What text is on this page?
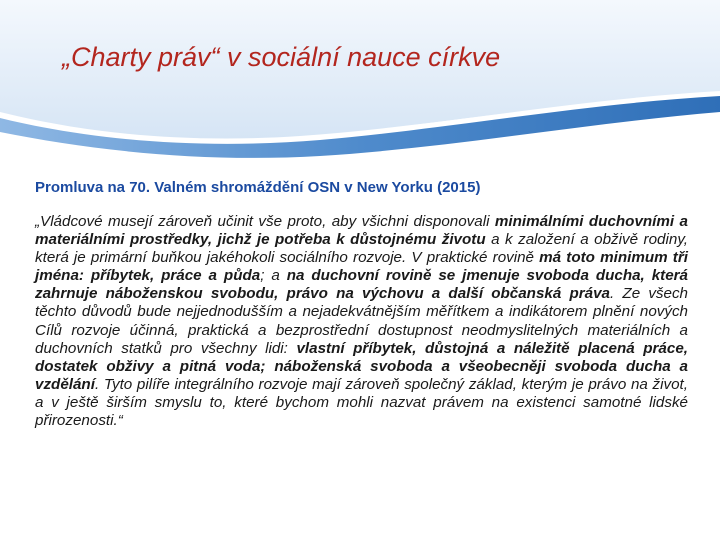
„Charty práv“ v sociální nauce církve

Promluva na 70. Valném shromáždění OSN v New Yorku (2015)

„Vládcové musejí zároveň učinit vše proto, aby všichni disponovali minimálními duchovními a materiálními prostředky, jichž je potřeba k důstojnému životu a k založení a obživě rodiny, která je primární buňkou jakéhokoli sociálního rozvoje. V praktické rovině má toto minimum tři jména: příbytek, práce a půda; a na duchovní rovině se jmenuje svoboda ducha, která zahrnuje náboženskou svobodu, právo na výchovu a další občanská práva. Ze všech těchto důvodů bude nejjednodušším a nejadekvátnějším měřítkem a indikátorem plnění nových Cílů rozvoje účinná, praktická a bezprostřední dostupnost neodmyslitelných materiálních a duchovních statků pro všechny lidi: vlastní příbytek, důstojná a náležitě placená práce, dostatek obživy a pitná voda; náboženská svoboda a všeobecněji svoboda ducha a vzdělání. Tyto pilíře integrálního rozvoje mají zároveň společný základ, kterým je právo na život, a v ještě širším smyslu to, které bychom mohli nazvat právem na existenci samotné lidské přirozenosti.“
